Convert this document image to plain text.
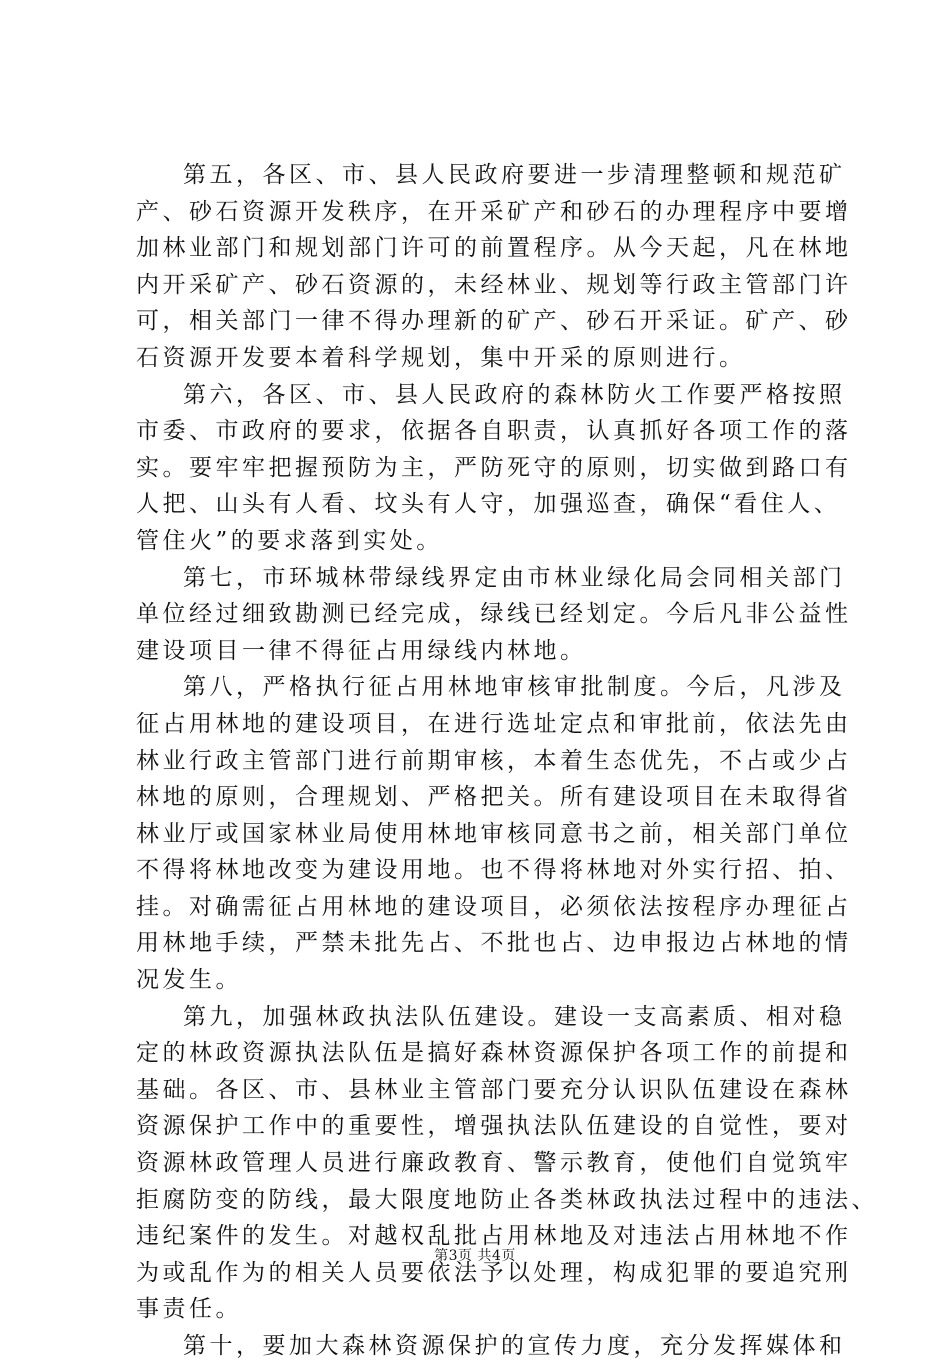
第五，各区、市、县人民政府要进一步清理整顿和规范矿
产、砂石资源开发秩序，在开采矿产和砂石的办理程序中要增
加林业部门和规划部门许可的前置程序。从今天起，凡在林地
内开采矿产、砂石资源的，未经林业、规划等行政主管部门许
可，相关部门一律不得办理新的矿产、砂石开采证。矿产、砂
石资源开发要本着科学规划，集中开采的原则进行。
第六，各区、市、县人民政府的森林防火工作要严格按照
市委、市政府的要求，依据各自职责，认真抓好各项工作的落
实。要牢牢把握预防为主，严防死守的原则，切实做到路口有
人把、山头有人看、坟头有人守，加强巡查，确保“看住人、
管住火”的要求落到实处。
第七，市环城林带绿线界定由市林业绿化局会同相关部门
单位经过细致勘测已经完成，绿线已经划定。今后凡非公益性
建设项目一律不得征占用绿线内林地。
第八，严格执行征占用林地审核审批制度。今后，凡涉及
征占用林地的建设项目，在进行选址定点和审批前，依法先由
林业行政主管部门进行前期审核，本着生态优先，不占或少占
林地的原则，合理规划、严格把关。所有建设项目在未取得省
林业厅或国家林业局使用林地审核同意书之前，相关部门单位
不得将林地改变为建设用地。也不得将林地对外实行招、拍、
挂。对确需征占用林地的建设项目，必须依法按程序办理征占
用林地手续，严禁未批先占、不批也占、边申报边占林地的情
况发生。
第九，加强林政执法队伍建设。建设一支高素质、相对稳
定的林政资源执法队伍是搞好森林资源保护各项工作的前提和
基础。各区、市、县林业主管部门要充分认识队伍建设在森林
资源保护工作中的重要性，增强执法队伍建设的自觉性，要对
资源林政管理人员进行廉政教育、警示教育，使他们自觉筑牢
拒腐防变的防线，最大限度地防止各类林政执法过程中的违法、
违纪案件的发生。对越权乱批占用林地及对违法占用林地不作
为或乱作为的相关人员要依法予以处理，构成犯罪的要追究刑
事责任。
第十，要加大森林资源保护的宣传力度，充分发挥媒体和
第3页 共4页
